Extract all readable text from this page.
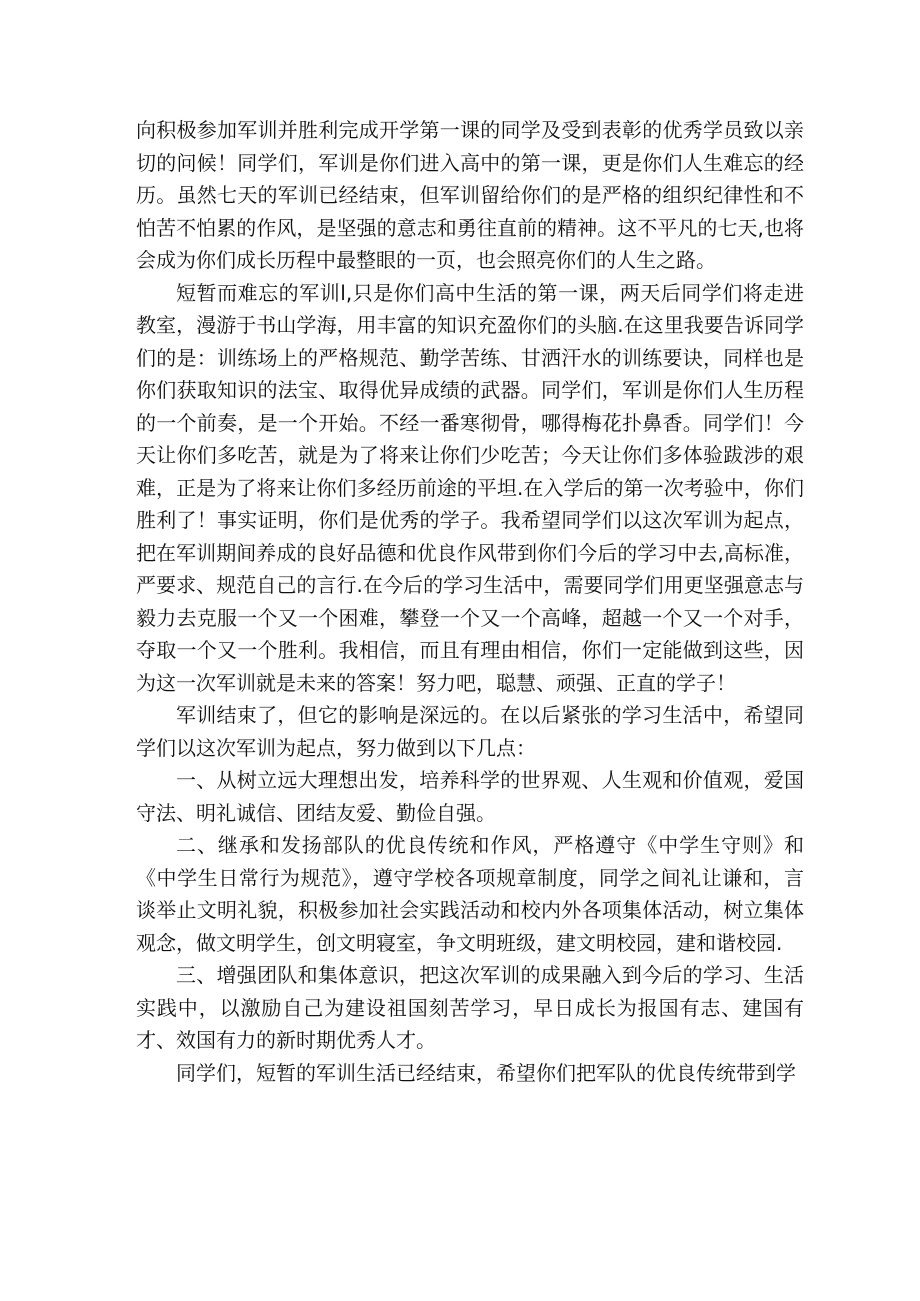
向积极参加军训并胜利完成开学第一课的同学及受到表彰的优秀学员致以亲切的问候！同学们，军训是你们进入高中的第一课，更是你们人生难忘的经历。虽然七天的军训已经结束，但军训留给你们的是严格的组织纪律性和不怕苦不怕累的作风，是坚强的意志和勇往直前的精神。这不平凡的七天,也将会成为你们成长历程中最整眼的一页，也会照亮你们的人生之路。

短暂而难忘的军训l,只是你们高中生活的第一课，两天后同学们将走进教室，漫游于书山学海，用丰富的知识充盈你们的头脑.在这里我要告诉同学们的是：训练场上的严格规范、勤学苦练、甘洒汗水的训练要诀，同样也是你们获取知识的法宝、取得优异成绩的武器。同学们，军训是你们人生历程的一个前奏，是一个开始。不经一番寒彻骨，哪得梅花扑鼻香。同学们！今天让你们多吃苦，就是为了将来让你们少吃苦；今天让你们多体验跋涉的艰难，正是为了将来让你们多经历前途的平坦.在入学后的第一次考验中，你们胜利了！事实证明，你们是优秀的学子。我希望同学们以这次军训为起点，把在军训期间养成的良好品德和优良作风带到你们今后的学习中去,高标准，严要求、规范自己的言行.在今后的学习生活中，需要同学们用更坚强意志与毅力去克服一个又一个困难，攀登一个又一个高峰，超越一个又一个对手，夺取一个又一个胜利。我相信，而且有理由相信，你们一定能做到这些，因为这一次军训就是未来的答案！努力吧，聪慧、顽强、正直的学子！

军训结束了，但它的影响是深远的。在以后紧张的学习生活中，希望同学们以这次军训为起点，努力做到以下几点：

一、从树立远大理想出发，培养科学的世界观、人生观和价值观，爱国守法、明礼诚信、团结友爱、勤俭自强。

二、继承和发扬部队的优良传统和作风，严格遵守《中学生守则》和《中学生日常行为规范》，遵守学校各项规章制度，同学之间礼让谦和，言谈举止文明礼貌，积极参加社会实践活动和校内外各项集体活动，树立集体观念，做文明学生，创文明寝室，争文明班级，建文明校园，建和谐校园.

三、增强团队和集体意识，把这次军训的成果融入到今后的学习、生活实践中，以激励自己为建设祖国刻苦学习，早日成长为报国有志、建国有才、效国有力的新时期优秀人才。

同学们，短暂的军训生活已经结束，希望你们把军队的优良传统带到学
